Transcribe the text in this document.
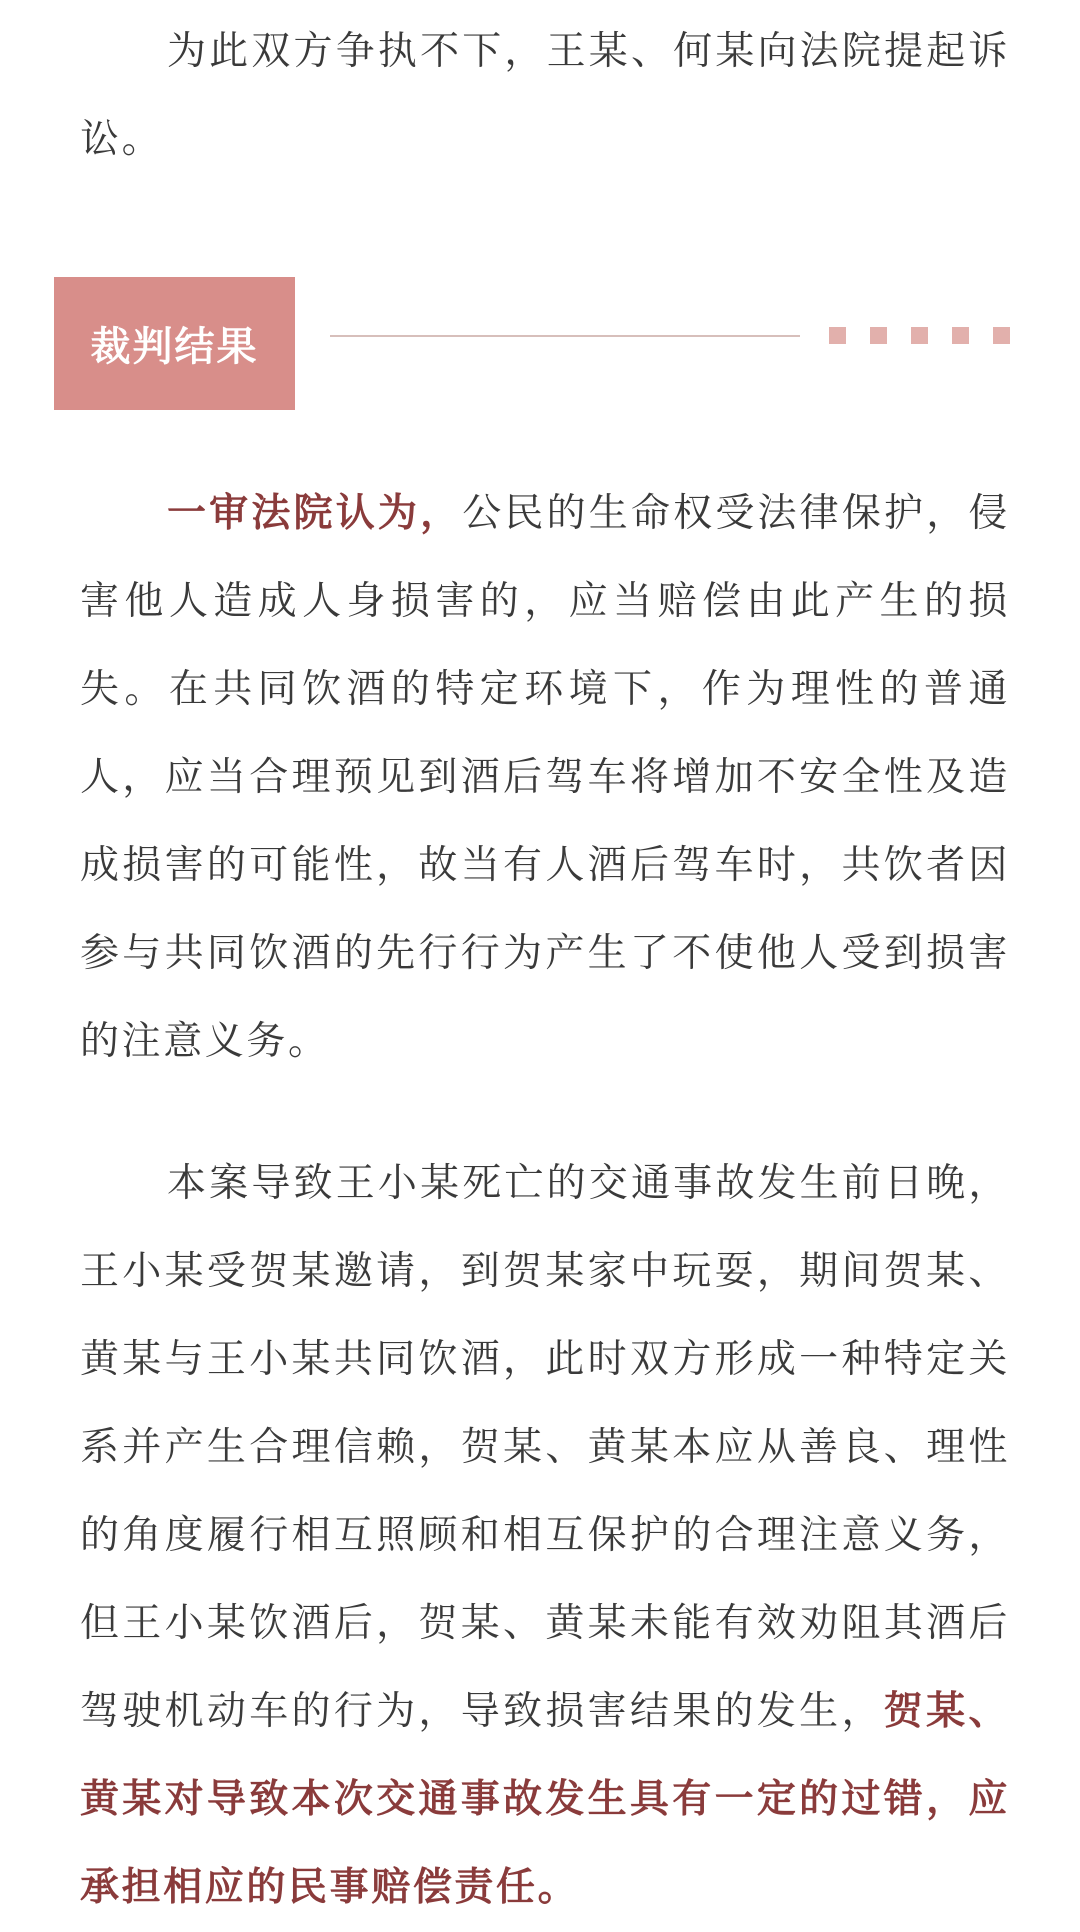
为此双方争执不下，王某、何某向法院提起诉讼。

裁判结果

一审法院认为，公民的生命权受法律保护，侵害他人造成人身损害的，应当赔偿由此产生的损失。在共同饮酒的特定环境下，作为理性的普通人，应当合理预见到酒后驾车将增加不安全性及造成损害的可能性，故当有人酒后驾车时，共饮者因参与共同饮酒的先行行为产生了不使他人受到损害的注意义务。

本案导致王小某死亡的交通事故发生前日晚，王小某受贺某邀请，到贺某家中玩耍，期间贺某、黄某与王小某共同饮酒，此时双方形成一种特定关系并产生合理信赖，贺某、黄某本应从善良、理性的角度履行相互照顾和相互保护的合理注意义务，但王小某饮酒后，贺某、黄某未能有效劝阻其酒后驾驶机动车的行为，导致损害结果的发生，贺某、黄某对导致本次交通事故发生具有一定的过错，应承担相应的民事赔偿责任。
